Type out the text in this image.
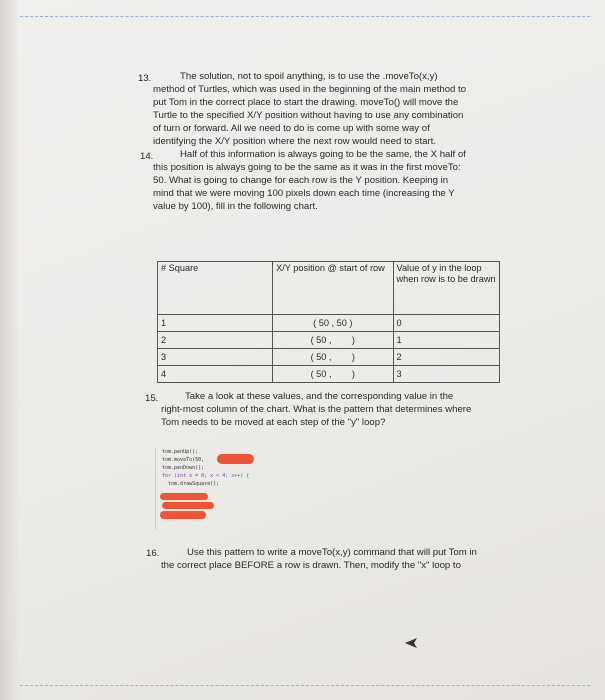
13.	The solution, not to spoil anything, is to use the .moveTo(x,y)
method of Turtles, which was used in the beginning of the main method to
put Tom in the correct place to start the drawing. moveTo() will move the
Turtle to the specified X/Y position without having to use any combination
of turn or forward. All we need to do is come up with some way of
identifying the X/Y position where the next row would need to start.
14.	Half of this information is always going to be the same, the X half of
this position is always going to be the same as it was in the first moveTo:
50. What is going to change for each row is the Y position. Keeping in
mind that we were moving 100 pixels down each time (increasing the Y
value by 100), fill in the following chart.
# Square	X/Y position @ start of row	Value of y in the loop when row is to be drawn
1	( 50 , 50 )	0
2	( 50 ,        )	1
3	( 50 ,        )	2
4	( 50 ,        )	3
15.	Take a look at these values, and the corresponding value in the
right-most column of the chart. What is the pattern that determines where
Tom needs to be moved at each step of the "y" loop?
tom.penUp();
tom.moveTo(50,
tom.penDown();
for (int x = 0; x < 4; x++) {
tom.drawSquare();
16.	Use this pattern to write a moveTo(x,y) command that will put Tom in
the correct place BEFORE a row is drawn. Then, modify the "x" loop to
